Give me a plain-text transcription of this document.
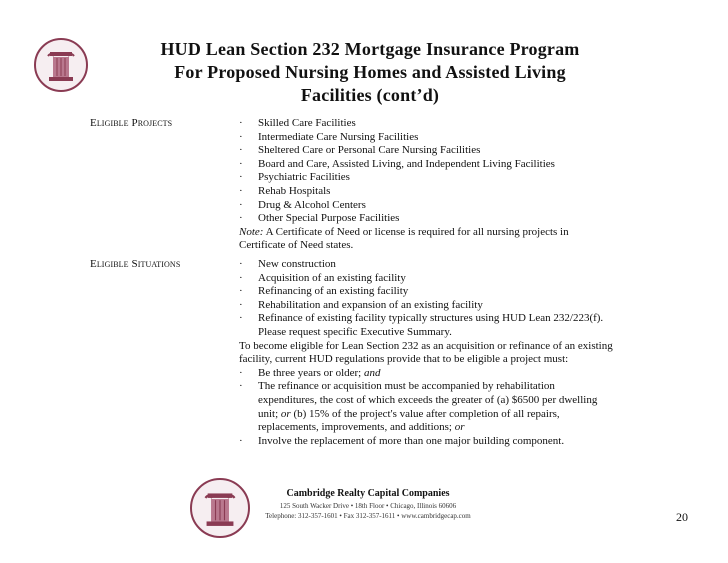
HUD Lean Section 232 Mortgage Insurance Program
For Proposed Nursing Homes and Assisted Living
Facilities (cont’d)
Eligible Projects	· Skilled Care Facilities
· Intermediate Care Nursing Facilities
· Sheltered Care or Personal Care Nursing Facilities
· Board and Care, Assisted Living, and Independent Living Facilities
· Psychiatric Facilities
· Rehab Hospitals
· Drug & Alcohol Centers
· Other Special Purpose Facilities
Note: A Certificate of Need or license is required for all nursing projects in Certificate of Need states.
Eligible Situations	· New construction
· Acquisition of an existing facility
· Refinancing of an existing facility
· Rehabilitation and expansion of an existing facility
· Refinance of existing facility typically structures using HUD Lean 232/223(f). Please request specific Executive Summary.
To become eligible for Lean Section 232 as an acquisition or refinance of an existing facility, current HUD regulations provide that to be eligible a project must:
· Be three years or older; and
· The refinance or acquisition must be accompanied by rehabilitation expenditures, the cost of which exceeds the greater of (a) $6500 per dwelling unit; or (b) 15% of the project's value after completion of all repairs, replacements, improvements, and additions; or
· Involve the replacement of more than one major building component.
Cambridge Realty Capital Companies
125 South Wacker Drive • 18th Floor • Chicago, Illinois 60606
Telephone: 312-357-1601 • Fax 312-357-1611 • www.cambridgecap.com	20
